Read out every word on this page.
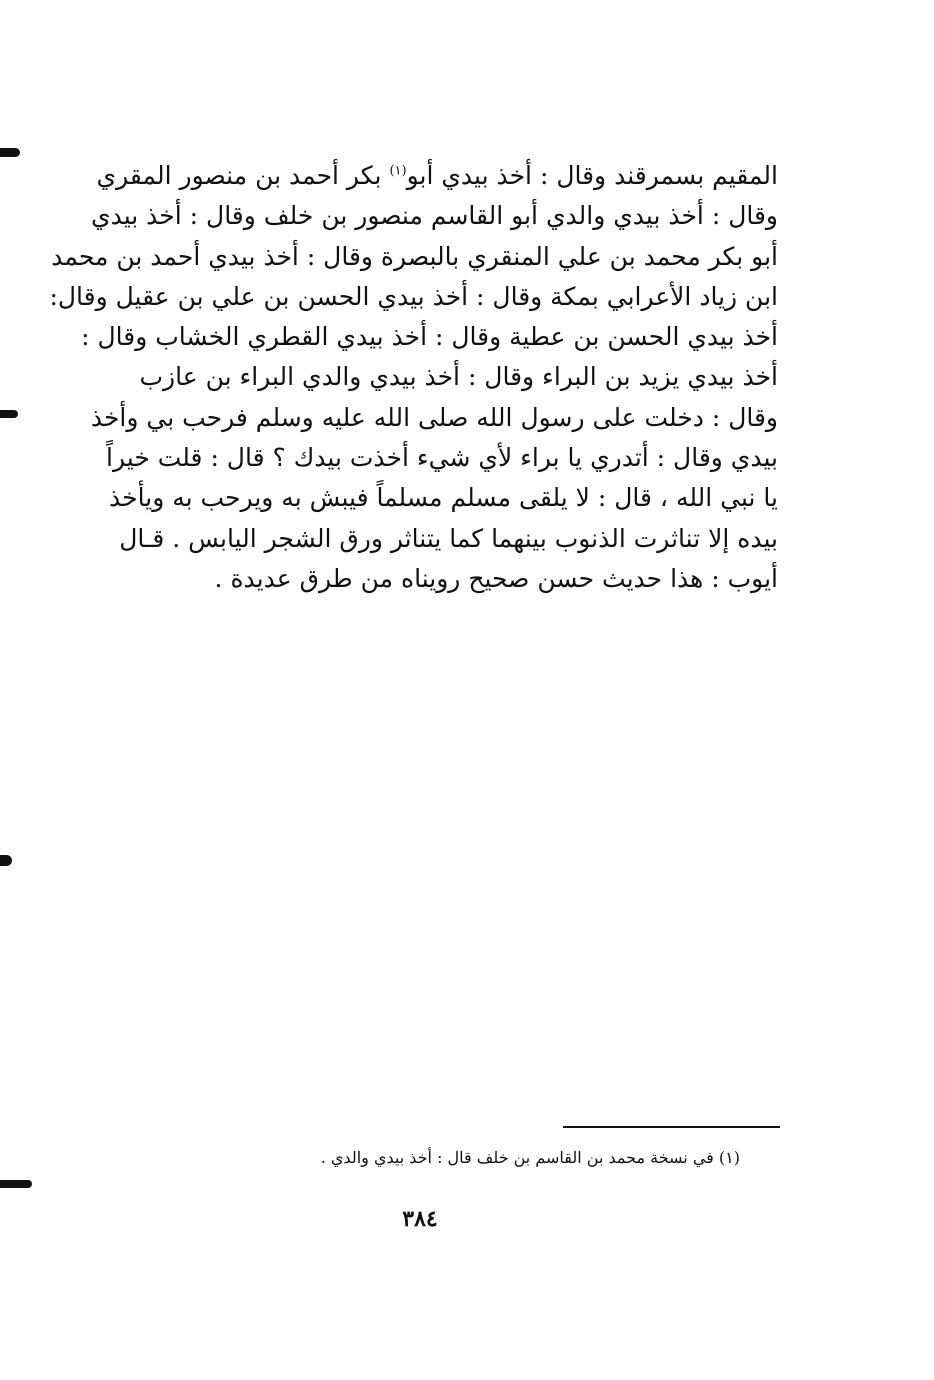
المقيم بسمرقند وقال : أخذ بيدي أبو$^{(١)}$ بكر أحمد بن منصور المقري
وقال : أخذ بيدي والدي أبو القاسم منصور بن خلف وقال : أخذ بيدي
أبو بكر محمد بن علي المنقري بالبصرة وقال : أخذ بيدي أحمد بن محمد
ابن زياد الأعرابي بمكة وقال : أخذ بيدي الحسن بن علي بن عقيل وقال:
أخذ بيدي الحسن بن عطية وقال : أخذ بيدي القطري الخشاب وقال :
أخذ بيدي يزيد بن البراء وقال : أخذ بيدي والدي البراء بن عازب
وقال : دخلت على رسول الله صلى الله عليه وسلم فرحب بي وأخذ
بيدي وقال : أتدري يا براء لأي شيء أخذت بيدك ؟ قال : قلت خيراً
يا نبي الله ، قال : لا يلقى مسلم مسلماً فيبش به ويرحب به ويأخذ
بيده إلا تناثرت الذنوب بينهما كما يتناثر ورق الشجر اليابس . قـال
أيوب : هذا حديث حسن صحيح رويناه من طرق عديدة .
(١) في نسخة محمد بن القاسم بن خلف قال : أخذ بيدي والدي .
٣٨٤
